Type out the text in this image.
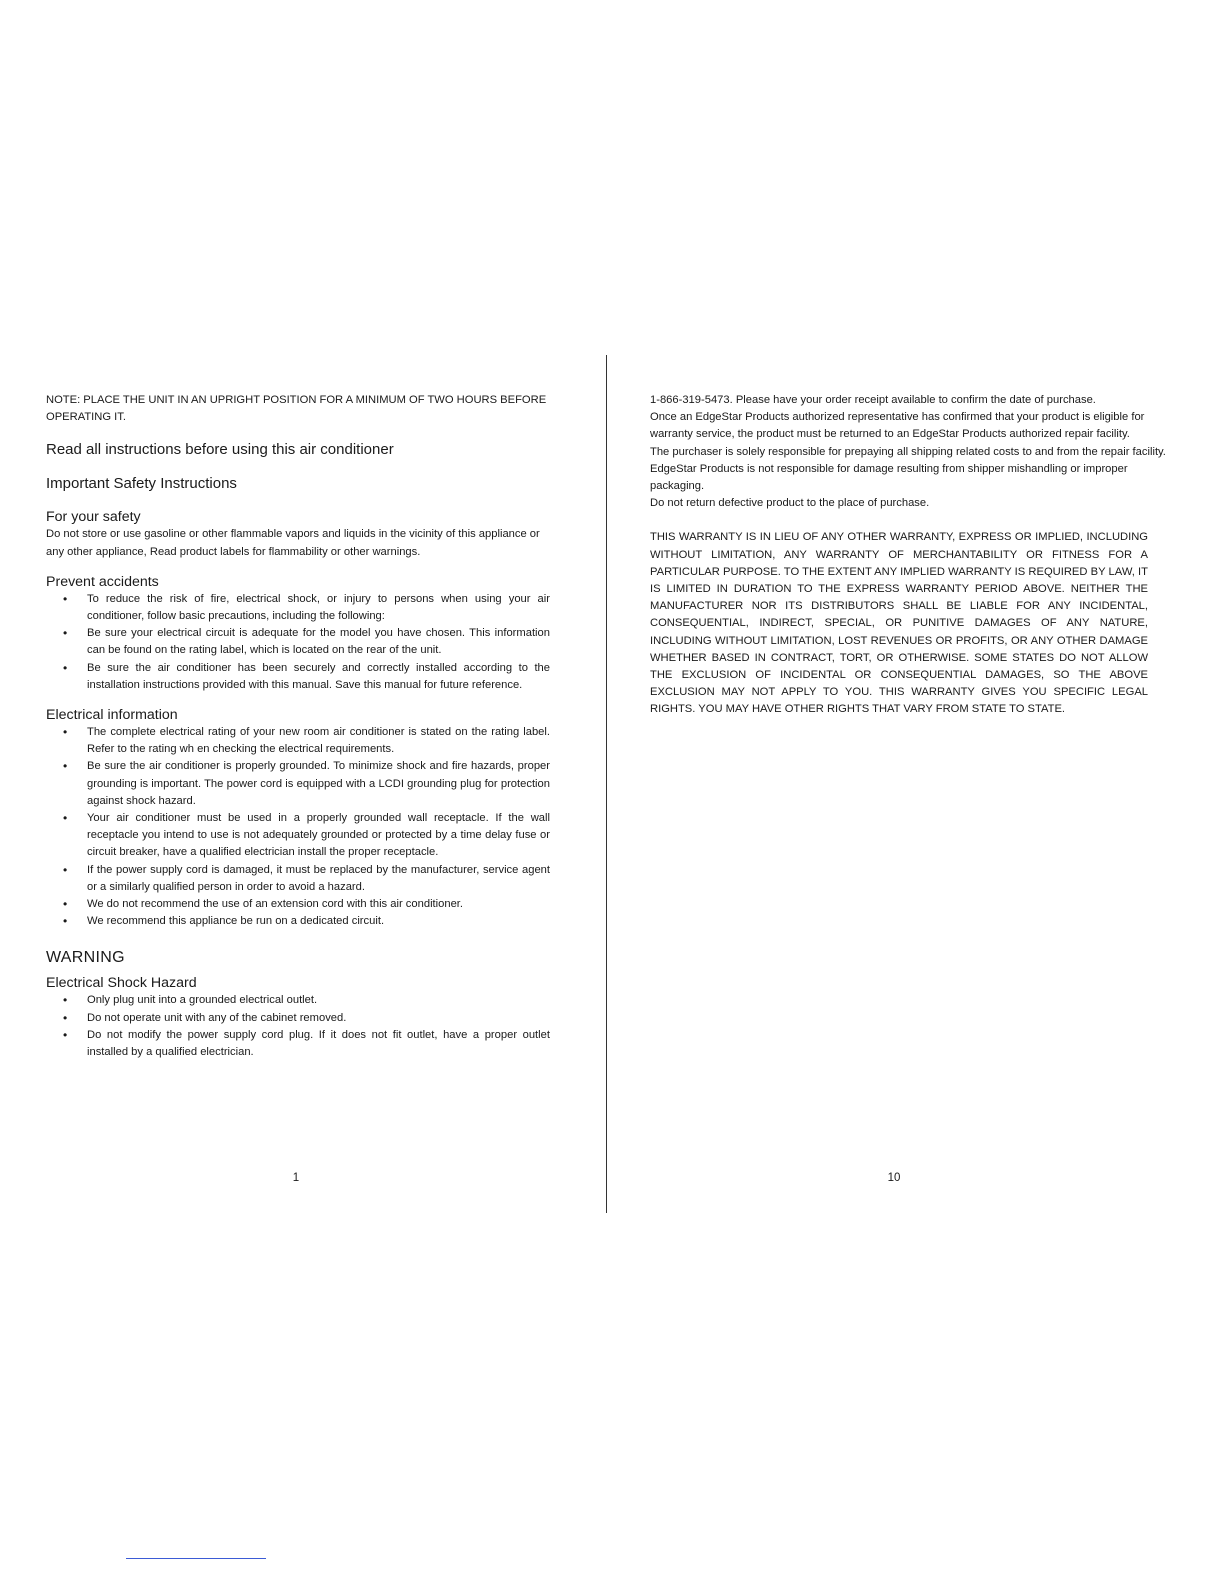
NOTE: PLACE THE UNIT IN AN UPRIGHT POSITION FOR A MINIMUM OF TWO HOURS BEFORE OPERATING IT.

Read all instructions before using this air conditioner

Important Safety Instructions

For your safety

Do not store or use gasoline or other flammable vapors and liquids in the vicinity of this appliance or any other appliance, Read product labels for flammability or other warnings.

Prevent accidents

• To reduce the risk of fire, electrical shock, or injury to persons when using your air conditioner, follow basic precautions, including the following:
• Be sure your electrical circuit is adequate for the model you have chosen. This information can be found on the rating label, which is located on the rear of the unit.
• Be sure the air conditioner has been securely and correctly installed according to the installation instructions provided with this manual. Save this manual for future reference.

Electrical information

• The complete electrical rating of your new room air conditioner is stated on the rating label. Refer to the rating wh en checking the electrical requirements.
• Be sure the air conditioner is properly grounded. To minimize shock and fire hazards, proper grounding is important. The power cord is equipped with a LCDI grounding plug for protection against shock hazard.
• Your air conditioner must be used in a properly grounded wall receptacle. If the wall receptacle you intend to use is not adequately grounded or protected by a time delay fuse or circuit breaker, have a qualified electrician install the proper receptacle.
• If the power supply cord is damaged, it must be replaced by the manufacturer, service agent or a similarly qualified person in order to avoid a hazard.
• We do not recommend the use of an extension cord with this air conditioner.
• We recommend this appliance be run on a dedicated circuit.

WARNING

Electrical Shock Hazard

• Only plug unit into a grounded electrical outlet.
• Do not operate unit with any of the cabinet removed.
• Do not modify the power supply cord plug. If it does not fit outlet, have a proper outlet installed by a qualified electrician.
1

1-866-319-5473. Please have your order receipt available to confirm the date of purchase.

Once an EdgeStar Products authorized representative has confirmed that your product is eligible for warranty service, the product must be returned to an EdgeStar Products authorized repair facility.

The purchaser is solely responsible for prepaying all shipping related costs to and from the repair facility.

EdgeStar Products is not responsible for damage resulting from shipper mishandling or improper packaging.

Do not return defective product to the place of purchase.

THIS WARRANTY IS IN LIEU OF ANY OTHER WARRANTY, EXPRESS OR IMPLIED, INCLUDING WITHOUT LIMITATION, ANY WARRANTY OF MERCHANTABILITY OR FITNESS FOR A PARTICULAR PURPOSE. TO THE EXTENT ANY IMPLIED WARRANTY IS REQUIRED BY LAW, IT IS LIMITED IN DURATION TO THE EXPRESS WARRANTY PERIOD ABOVE. NEITHER THE MANUFACTURER NOR ITS DISTRIBUTORS SHALL BE LIABLE FOR ANY INCIDENTAL, CONSEQUENTIAL, INDIRECT, SPECIAL, OR PUNITIVE DAMAGES OF ANY NATURE, INCLUDING WITHOUT LIMITATION, LOST REVENUES OR PROFITS, OR ANY OTHER DAMAGE WHETHER BASED IN CONTRACT, TORT, OR OTHERWISE. SOME STATES DO NOT ALLOW THE EXCLUSION OF INCIDENTAL OR CONSEQUENTIAL DAMAGES, SO THE ABOVE EXCLUSION MAY NOT APPLY TO YOU. THIS WARRANTY GIVES YOU SPECIFIC LEGAL RIGHTS. YOU MAY HAVE OTHER RIGHTS THAT VARY FROM STATE TO STATE.

10
